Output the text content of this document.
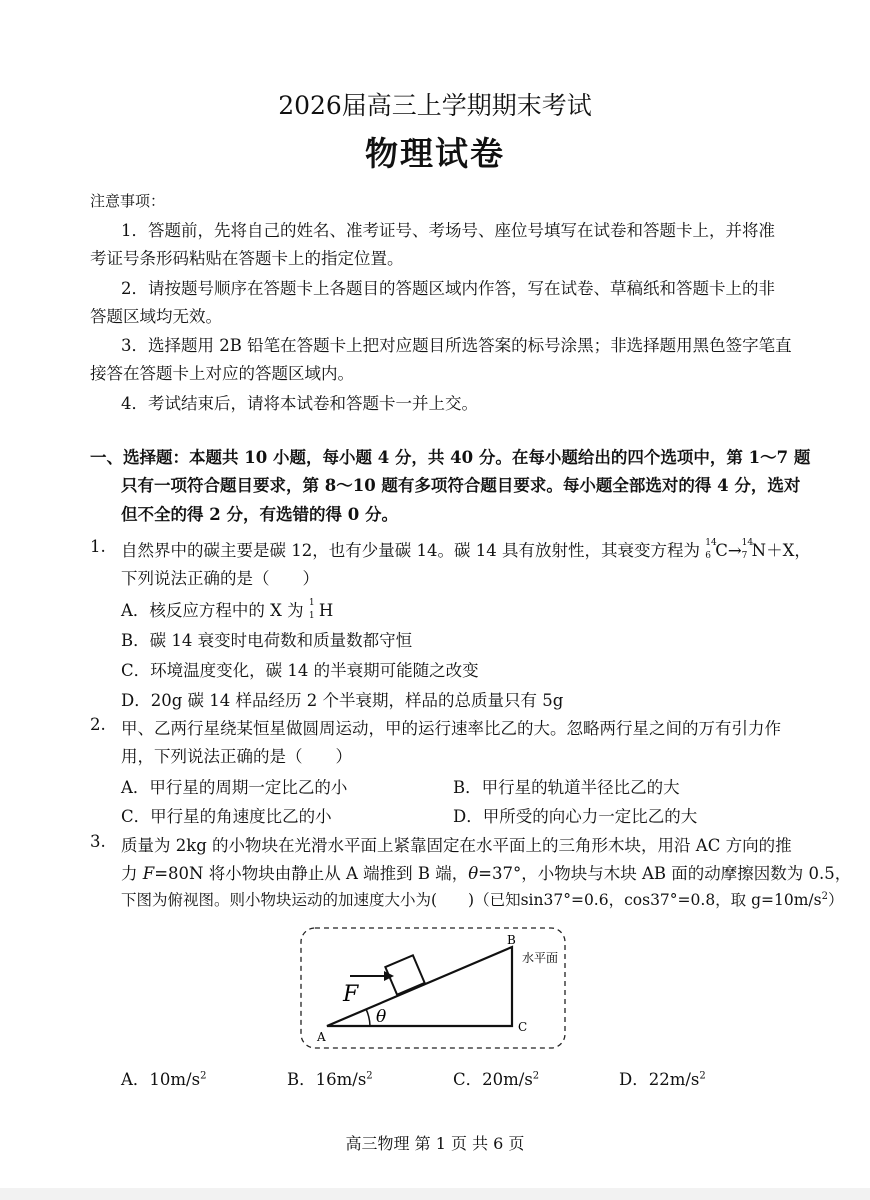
2026届高三上学期期末考试
物理试卷
注意事项：
1．答题前，先将自己的姓名、准考证号、考场号、座位号填写在试卷和答题卡上，并将准
考证号条形码粘贴在答题卡上的指定位置。
2．请按题号顺序在答题卡上各题目的答题区域内作答，写在试卷、草稿纸和答题卡上的非
答题区域均无效。
3．选择题用 2B 铅笔在答题卡上把对应题目所选答案的标号涂黑；非选择题用黑色签字笔直
接答在答题卡上对应的答题区域内。
4．考试结束后，请将本试卷和答题卡一并上交。
一、选择题：本题共 10 小题，每小题 4 分，共 40 分。在每小题给出的四个选项中，第 1～7 题
只有一项符合题目要求，第 8～10 题有多项符合题目要求。每小题全部选对的得 4 分，选对
但不全的得 2 分，有选错的得 0 分。
1. 自然界中的碳主要是碳 12，也有少量碳 14。碳 14 具有放射性，其衰变方程为 14
6 C→ 14
7 N＋X，
下列说法正确的是（　　）
A．核反应方程中的 X 为 1
1 H
B．碳 14 衰变时电荷数和质量数都守恒
C．环境温度变化，碳 14 的半衰期可能随之改变
D．20g 碳 14 样品经历 2 个半衰期，样品的总质量只有 5g
2. 甲、乙两行星绕某恒星做圆周运动，甲的运行速率比乙的大。忽略两行星之间的万有引力作
用，下列说法正确的是（　　）
A．甲行星的周期一定比乙的小	B．甲行星的轨道半径比乙的大
C．甲行星的角速度比乙的小	D．甲所受的向心力一定比乙的大
3. 质量为 2kg 的小物块在光滑水平面上紧靠固定在水平面上的三角形木块，用沿 AC 方向的推
力 F=80N 将小物块由静止从 A 端推到 B 端，θ=37°，小物块与木块 AB 面的动摩擦因数为 0.5，
下图为俯视图。则小物块运动的加速度大小为(　　)（已知sin37°=0.6，cos37°=0.8，取 $g=10m/s^2$）
F
θ
A
B
C
水平面
A．$10m/s^2$	B．$16m/s^2$	C．$20m/s^2$	D．$22m/s^2$
高三物理 第 1 页 共 6 页
